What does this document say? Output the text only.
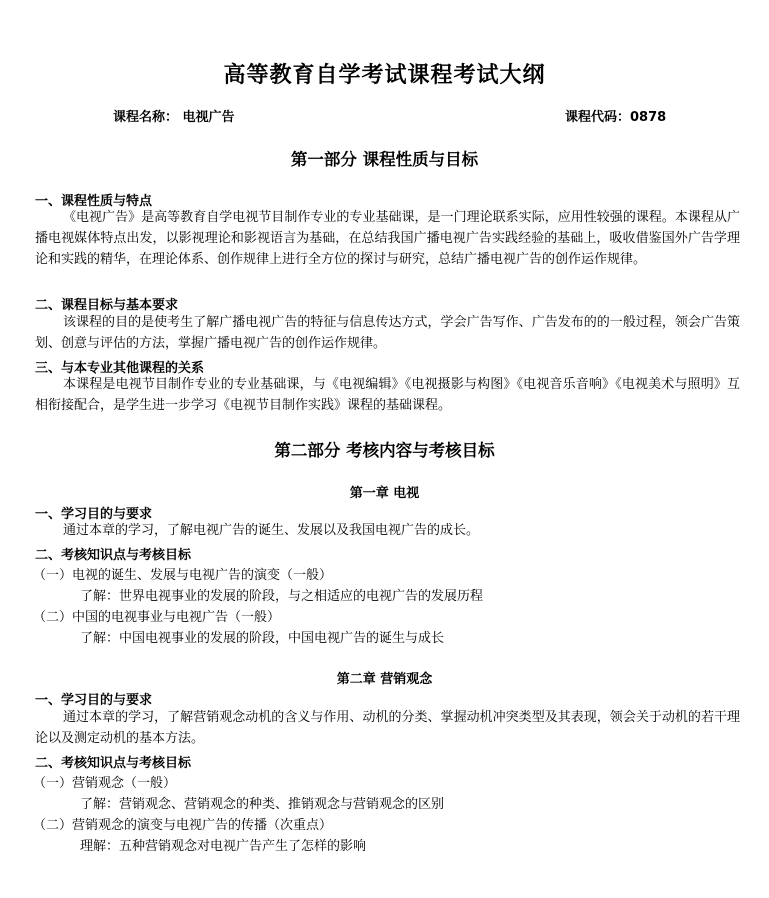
高等教育自学考试课程考试大纲
课程名称： 电视广告	课程代码：0878
第一部分 课程性质与目标
一、课程性质与特点
《电视广告》是高等教育自学电视节目制作专业的专业基础课，是一门理论联系实际，应用性较强的课程。本课程从广播电视媒体特点出发，以影视理论和影视语言为基础，在总结我国广播电视广告实践经验的基础上，吸收借鉴国外广告学理论和实践的精华，在理论体系、创作规律上进行全方位的探讨与研究，总结广播电视广告的创作运作规律。
二、课程目标与基本要求
该课程的目的是使考生了解广播电视广告的特征与信息传达方式，学会广告写作、广告发布的的一般过程，领会广告策划、创意与评估的方法，掌握广播电视广告的创作运作规律。
三、与本专业其他课程的关系
本课程是电视节目制作专业的专业基础课，与《电视编辑》《电视摄影与构图》《电视音乐音响》《电视美术与照明》互相衔接配合，是学生进一步学习《电视节目制作实践》课程的基础课程。
第二部分 考核内容与考核目标
第一章 电视
一、学习目的与要求
通过本章的学习，了解电视广告的诞生、发展以及我国电视广告的成长。
二、考核知识点与考核目标
（一）电视的诞生、发展与电视广告的演变（一般）
了解：世界电视事业的发展的阶段，与之相适应的电视广告的发展历程
（二）中国的电视事业与电视广告（一般）
了解：中国电视事业的发展的阶段，中国电视广告的诞生与成长
第二章 营销观念
一、学习目的与要求
通过本章的学习，了解营销观念动机的含义与作用、动机的分类、掌握动机冲突类型及其表现，领会关于动机的若干理论以及测定动机的基本方法。
二、考核知识点与考核目标
（一）营销观念（一般）
了解：营销观念、营销观念的种类、推销观念与营销观念的区别
（二）营销观念的演变与电视广告的传播（次重点）
理解：五种营销观念对电视广告产生了怎样的影响
